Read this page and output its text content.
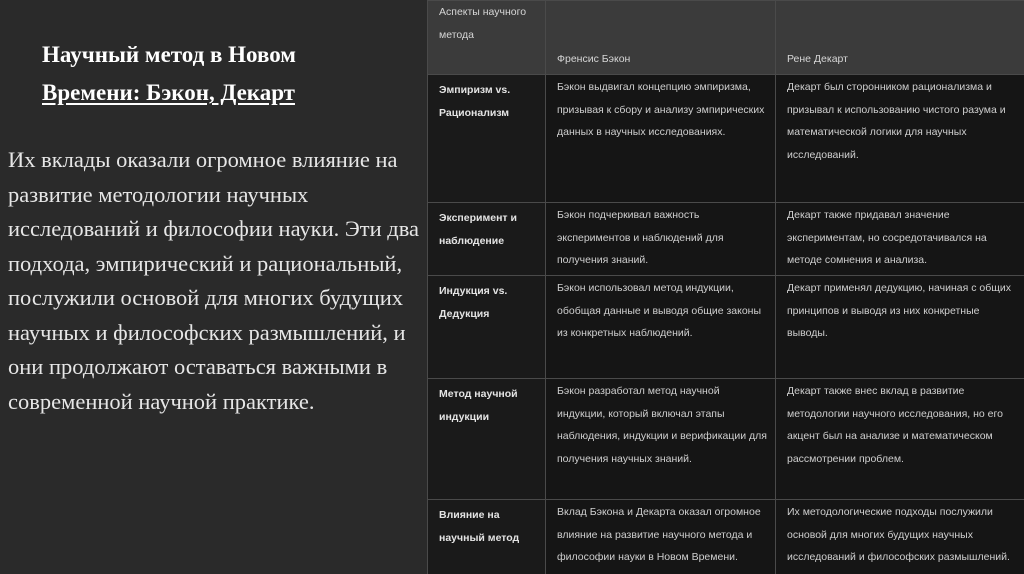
Научный метод в Новом
Времени: Бэкон, Декарт
Их вклады оказали огромное влияние на развитие методологии научных исследований и философии науки. Эти два подхода, эмпирический и рациональный, послужили основой для многих будущих научных и философских размышлений, и они продолжают оставаться важными в современной научной практике.
Аспекты научного метода	Френсис Бэкон	Рене Декарт
Эмпиризм vs. Рационализм	Бэкон выдвигал концепцию эмпиризма, призывая к сбору и анализу эмпирических данных в научных исследованиях.	Декарт был сторонником рационализма и призывал к использованию чистого разума и математической логики для научных исследований.
Эксперимент и наблюдение	Бэкон подчеркивал важность экспериментов и наблюдений для получения знаний.	Декарт также придавал значение экспериментам, но сосредотачивался на методе сомнения и анализа.
Индукция vs. Дедукция	Бэкон использовал метод индукции, обобщая данные и выводя общие законы из конкретных наблюдений.	Декарт применял дедукцию, начиная с общих принципов и выводя из них конкретные выводы.
Метод научной индукции	Бэкон разработал метод научной индукции, который включал этапы наблюдения, индукции и верификации для получения научных знаний.	Декарт также внес вклад в развитие методологии научного исследования, но его акцент был на анализе и математическом рассмотрении проблем.
Влияние на научный метод	Вклад Бэкона и Декарта оказал огромное влияние на развитие научного метода и философии науки в Новом Времени.	Их методологические подходы послужили основой для многих будущих научных исследований и философских размышлений.
